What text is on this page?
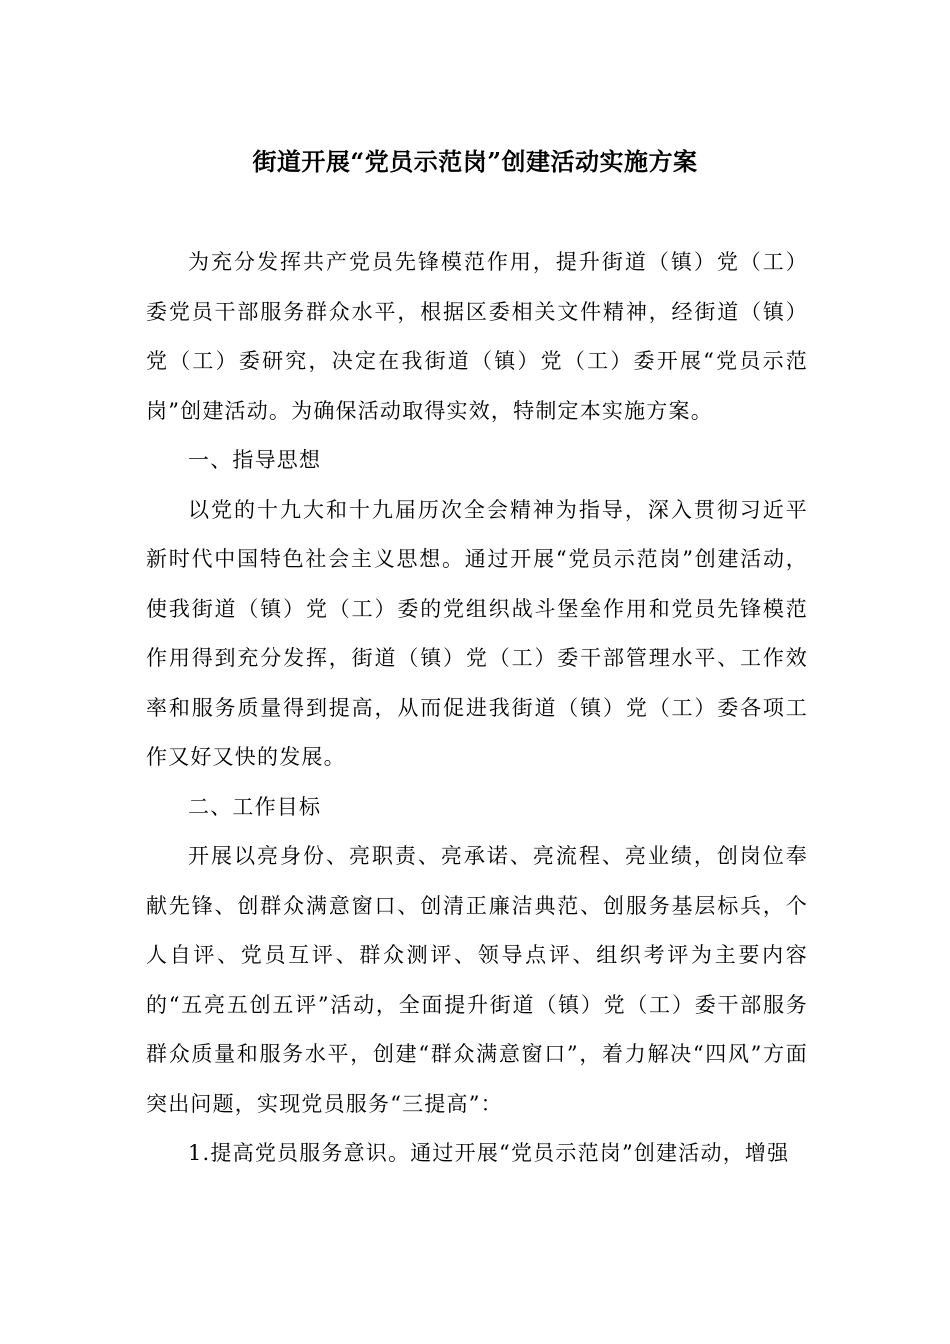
街道开展“党员示范岗”创建活动实施方案

为充分发挥共产党员先锋模范作用，提升街道（镇）党（工）委党员干部服务群众水平，根据区委相关文件精神，经街道（镇）党（工）委研究，决定在我街道（镇）党（工）委开展“党员示范岗”创建活动。为确保活动取得实效，特制定本实施方案。

一、指导思想

以党的十九大和十九届历次全会精神为指导，深入贯彻习近平新时代中国特色社会主义思想。通过开展“党员示范岗”创建活动，使我街道（镇）党（工）委的党组织战斗堡垒作用和党员先锋模范作用得到充分发挥，街道（镇）党（工）委干部管理水平、工作效率和服务质量得到提高，从而促进我街道（镇）党（工）委各项工作又好又快的发展。

二、工作目标

开展以亮身份、亮职责、亮承诺、亮流程、亮业绩，创岗位奉献先锋、创群众满意窗口、创清正廉洁典范、创服务基层标兵，个人自评、党员互评、群众测评、领导点评、组织考评为主要内容的“五亮五创五评”活动，全面提升街道（镇）党（工）委干部服务群众质量和服务水平，创建“群众满意窗口”，着力解决“四风”方面突出问题，实现党员服务“三提高”：

1.提高党员服务意识。通过开展“党员示范岗”创建活动，增强
